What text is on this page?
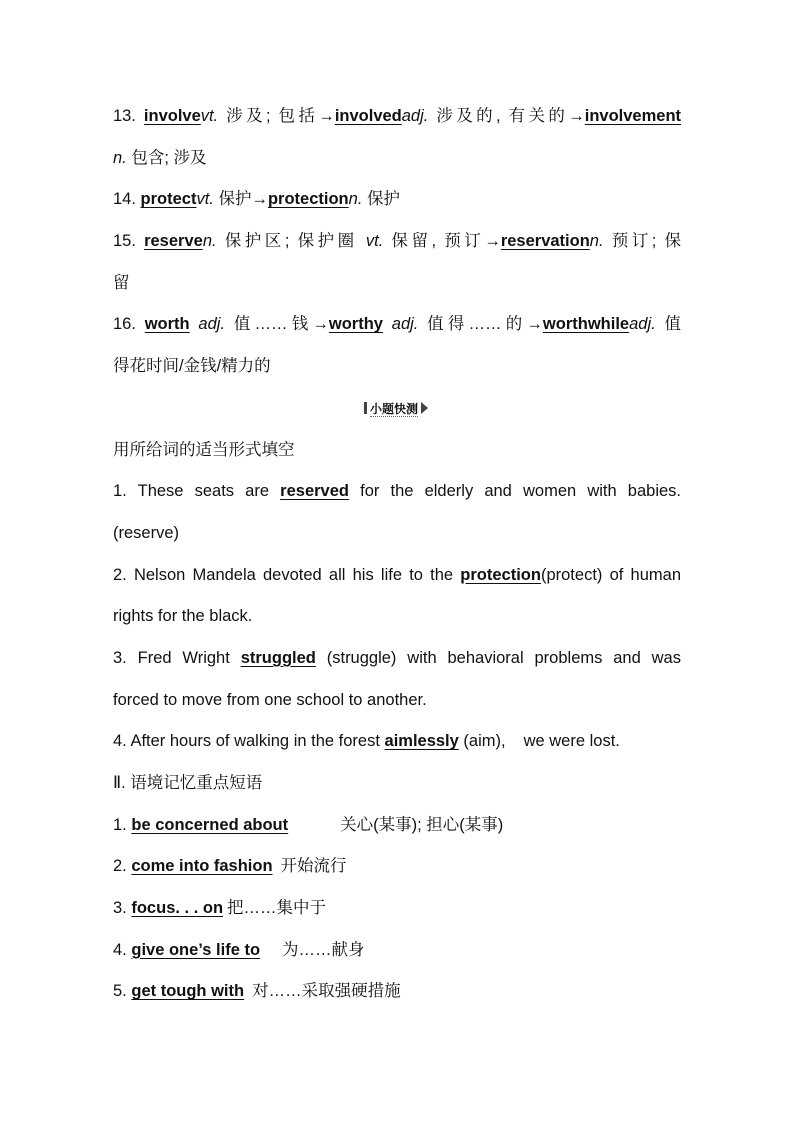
13. involvevt. 涉及; 包括→involvedadj. 涉及的, 有关的→involvement
n. 包含; 涉及
14. protectvt. 保护→protectionn. 保护
15. reserven. 保护区; 保护圈 vt. 保留, 预订→reservationn. 预订; 保
留
16. worth adj. 值……钱→worthy adj. 值得……的→worthwhileadj. 值
得花时间/金钱/精力的
小题快测
用所给词的适当形式填空
1. These seats are reserved for the elderly and women with babies.
(reserve)
2. Nelson Mandela devoted all his life to the protection(protect) of human
rights for the black.
3. Fred Wright struggled (struggle) with behavioral problems and was
forced to move from one school to another.
4. After hours of walking in the forest aimlessly (aim), we were lost.
Ⅱ. 语境记忆重点短语
1. be concerned about	关心(某事); 担心(某事)
2. come into fashion 开始流行
3. focus. . . on 把……集中于
4. give one’s life to 为……献身
5. get tough with 对……采取强硬措施
